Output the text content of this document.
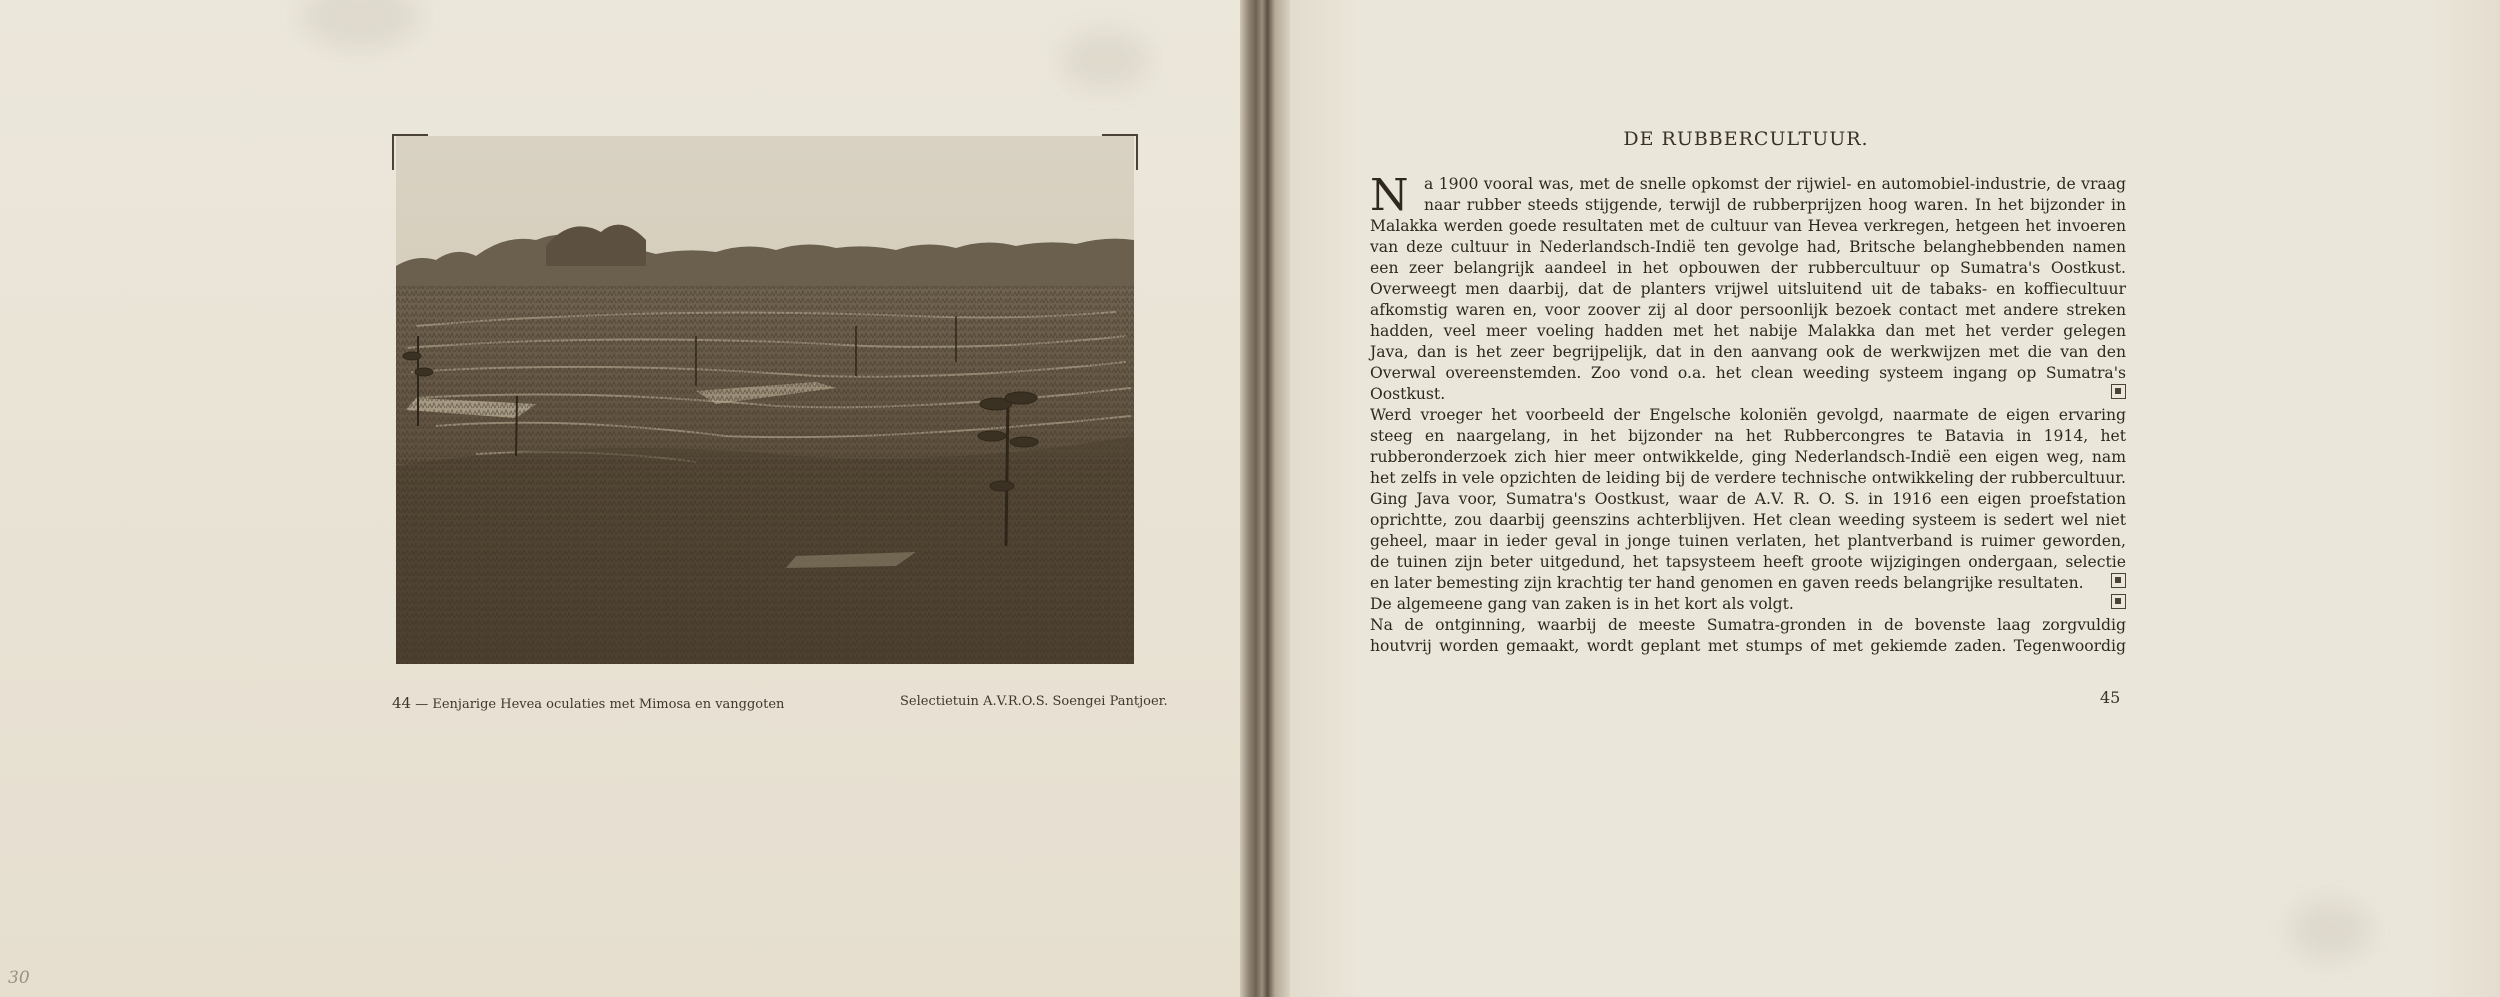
44 — Eenjarige Hevea oculaties met Mimosa en vanggoten	Selectietuin A.V.R.O.S. Soengei Pantjoer.
30
DE RUBBERCULTUUR.
N a 1900 vooral was, met de snelle opkomst der rijwiel- en automobiel-industrie, de vraag
naar rubber steeds stijgende, terwijl de rubberprijzen hoog waren. In het bijzonder in
Malakka werden goede resultaten met de cultuur van Hevea verkregen, hetgeen het invoeren
van deze cultuur in Nederlandsch-Indië ten gevolge had, Britsche belanghebbenden namen
een zeer belangrijk aandeel in het opbouwen der rubbercultuur op Sumatra's Oostkust.
Overweegt men daarbij, dat de planters vrijwel uitsluitend uit de tabaks- en koffiecultuur
afkomstig waren en, voor zoover zij al door persoonlijk bezoek contact met andere streken
hadden, veel meer voeling hadden met het nabije Malakka dan met het verder gelegen
Java, dan is het zeer begrijpelijk, dat in den aanvang ook de werkwijzen met die van den
Overwal overeenstemden. Zoo vond o.a. het clean weeding systeem ingang op Sumatra's
Oostkust.
Werd vroeger het voorbeeld der Engelsche koloniën gevolgd, naarmate de eigen ervaring
steeg en naargelang, in het bijzonder na het Rubbercongres te Batavia in 1914, het
rubberonderzoek zich hier meer ontwikkelde, ging Nederlandsch-Indië een eigen weg, nam
het zelfs in vele opzichten de leiding bij de verdere technische ontwikkeling der rubbercultuur.
Ging Java voor, Sumatra's Oostkust, waar de A.V. R. O. S. in 1916 een eigen proefstation
oprichtte, zou daarbij geenszins achterblijven. Het clean weeding systeem is sedert wel niet
geheel, maar in ieder geval in jonge tuinen verlaten, het plantverband is ruimer geworden,
de tuinen zijn beter uitgedund, het tapsysteem heeft groote wijzigingen ondergaan, selectie
en later bemesting zijn krachtig ter hand genomen en gaven reeds belangrijke resultaten.
De algemeene gang van zaken is in het kort als volgt.
Na de ontginning, waarbij de meeste Sumatra-gronden in de bovenste laag zorgvuldig
houtvrij worden gemaakt, wordt geplant met stumps of met gekiemde zaden. Tegenwoordig
45
